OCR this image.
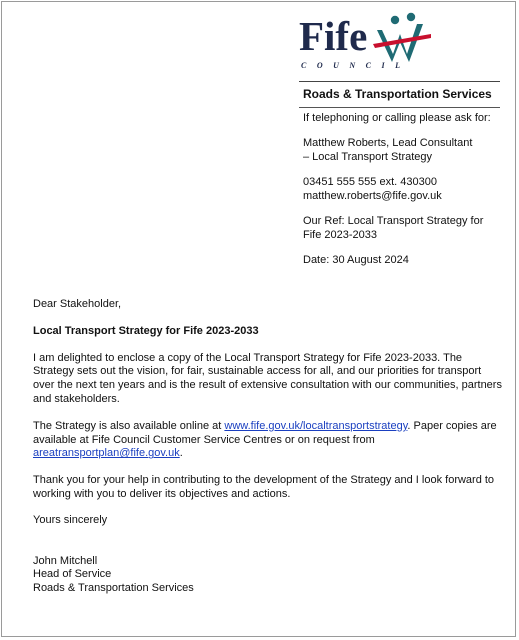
Fife
COUNCIL
Roads & Transportation Services

If telephoning or calling please ask for:

Matthew Roberts, Lead Consultant

– Local Transport Strategy

03451 555 555 ext. 430300

matthew.roberts@fife.gov.uk

Our Ref: Local Transport Strategy for Fife 2023-2033

Date: 30 August 2024

Dear Stakeholder,

Local Transport Strategy for Fife 2023-2033

I am delighted to enclose a copy of the Local Transport Strategy for Fife 2023-2033. The Strategy sets out the vision, for fair, sustainable access for all, and our priorities for transport over the next ten years and is the result of extensive consultation with our communities, partners and stakeholders.

The Strategy is also available online at www.fife.gov.uk/localtransportstrategy. Paper copies are available at Fife Council Customer Service Centres or on request from areatransportplan@fife.gov.uk.

Thank you for your help in contributing to the development of the Strategy and I look forward to working with you to deliver its objectives and actions.

Yours sincerely

John Mitchell

Head of Service

Roads & Transportation Services
